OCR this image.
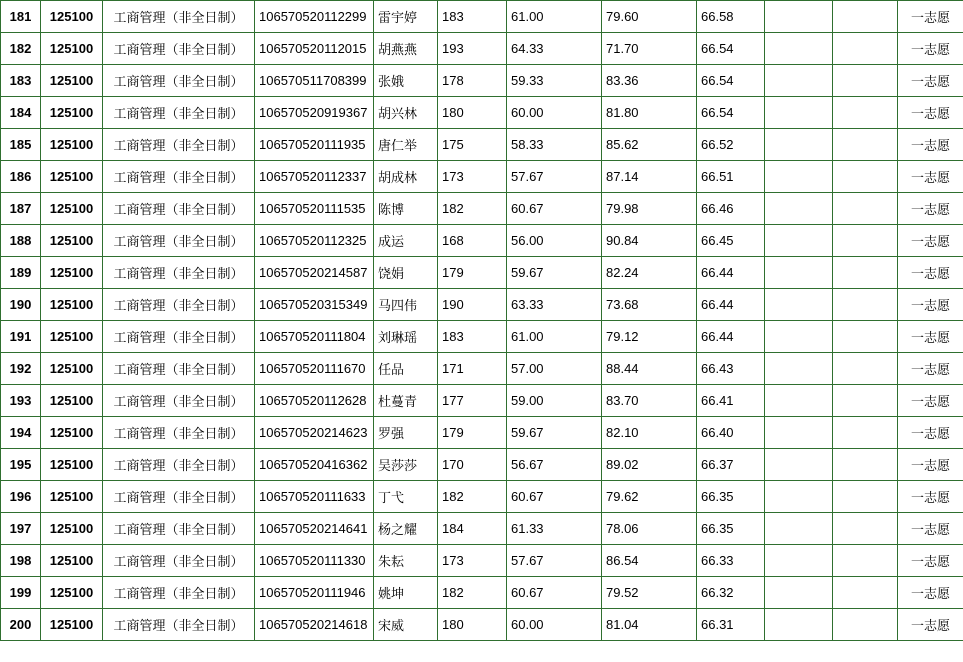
181	125100	工商管理（非全日制）	106570520112299	雷宇婷	183	61.00	79.60	66.58			一志愿
182	125100	工商管理（非全日制）	106570520112015	胡燕燕	193	64.33	71.70	66.54			一志愿
183	125100	工商管理（非全日制）	106570511708399	张娥	178	59.33	83.36	66.54			一志愿
184	125100	工商管理（非全日制）	106570520919367	胡兴林	180	60.00	81.80	66.54			一志愿
185	125100	工商管理（非全日制）	106570520111935	唐仁举	175	58.33	85.62	66.52			一志愿
186	125100	工商管理（非全日制）	106570520112337	胡成林	173	57.67	87.14	66.51			一志愿
187	125100	工商管理（非全日制）	106570520111535	陈博	182	60.67	79.98	66.46			一志愿
188	125100	工商管理（非全日制）	106570520112325	成运	168	56.00	90.84	66.45			一志愿
189	125100	工商管理（非全日制）	106570520214587	饶娟	179	59.67	82.24	66.44			一志愿
190	125100	工商管理（非全日制）	106570520315349	马四伟	190	63.33	73.68	66.44			一志愿
191	125100	工商管理（非全日制）	106570520111804	刘琳瑶	183	61.00	79.12	66.44			一志愿
192	125100	工商管理（非全日制）	106570520111670	任品	171	57.00	88.44	66.43			一志愿
193	125100	工商管理（非全日制）	106570520112628	杜蔓青	177	59.00	83.70	66.41			一志愿
194	125100	工商管理（非全日制）	106570520214623	罗强	179	59.67	82.10	66.40			一志愿
195	125100	工商管理（非全日制）	106570520416362	吴莎莎	170	56.67	89.02	66.37			一志愿
196	125100	工商管理（非全日制）	106570520111633	丁弋	182	60.67	79.62	66.35			一志愿
197	125100	工商管理（非全日制）	106570520214641	杨之耀	184	61.33	78.06	66.35			一志愿
198	125100	工商管理（非全日制）	106570520111330	朱耘	173	57.67	86.54	66.33			一志愿
199	125100	工商管理（非全日制）	106570520111946	姚坤	182	60.67	79.52	66.32			一志愿
200	125100	工商管理（非全日制）	106570520214618	宋威	180	60.00	81.04	66.31			一志愿
